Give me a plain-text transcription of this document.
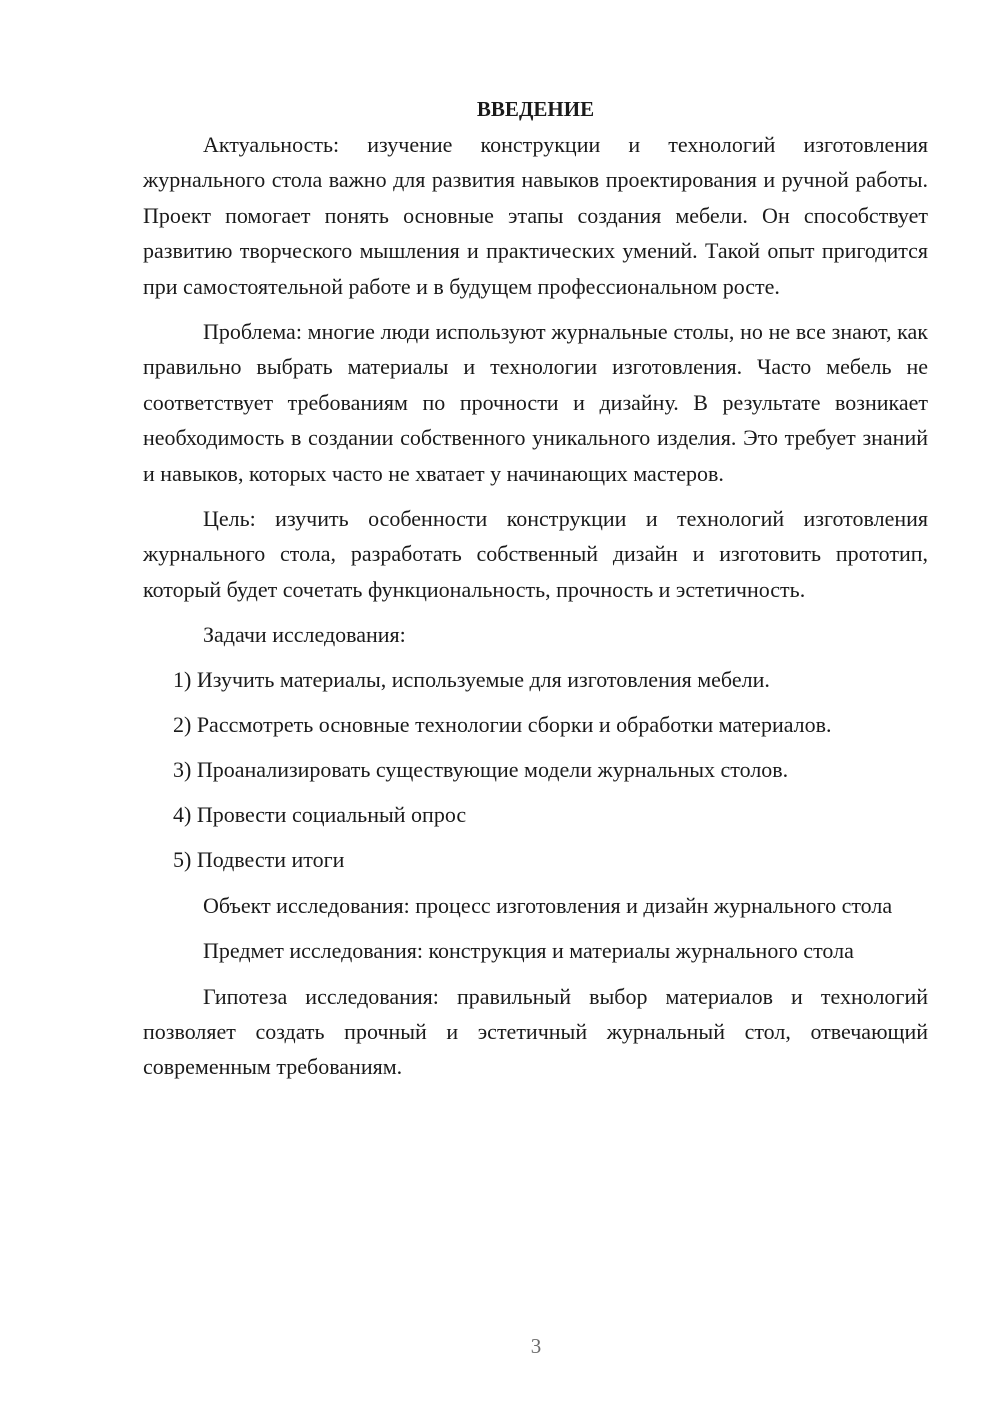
ВВЕДЕНИЕ

Актуальность: изучение конструкции и технологий изготовления журнального стола важно для развития навыков проектирования и ручной работы. Проект помогает понять основные этапы создания мебели. Он способствует развитию творческого мышления и практических умений. Такой опыт пригодится при самостоятельной работе и в будущем профессиональном росте.

Проблема: многие люди используют журнальные столы, но не все знают, как правильно выбрать материалы и технологии изготовления. Часто мебель не соответствует требованиям по прочности и дизайну. В результате возникает необходимость в создании собственного уникального изделия. Это требует знаний и навыков, которых часто не хватает у начинающих мастеров.

Цель: изучить особенности конструкции и технологий изготовления журнального стола, разработать собственный дизайн и изготовить прототип, который будет сочетать функциональность, прочность и эстетичность.

Задачи исследования:

1) Изучить материалы, используемые для изготовления мебели.

2) Рассмотреть основные технологии сборки и обработки материалов.

3) Проанализировать существующие модели журнальных столов.

4) Провести социальный опрос

5) Подвести итоги

Объект исследования: процесс изготовления и дизайн журнального стола

Предмет исследования: конструкция и материалы журнального стола

Гипотеза исследования: правильный выбор материалов и технологий позволяет создать прочный и эстетичный журнальный стол, отвечающий современным требованиям.

3
